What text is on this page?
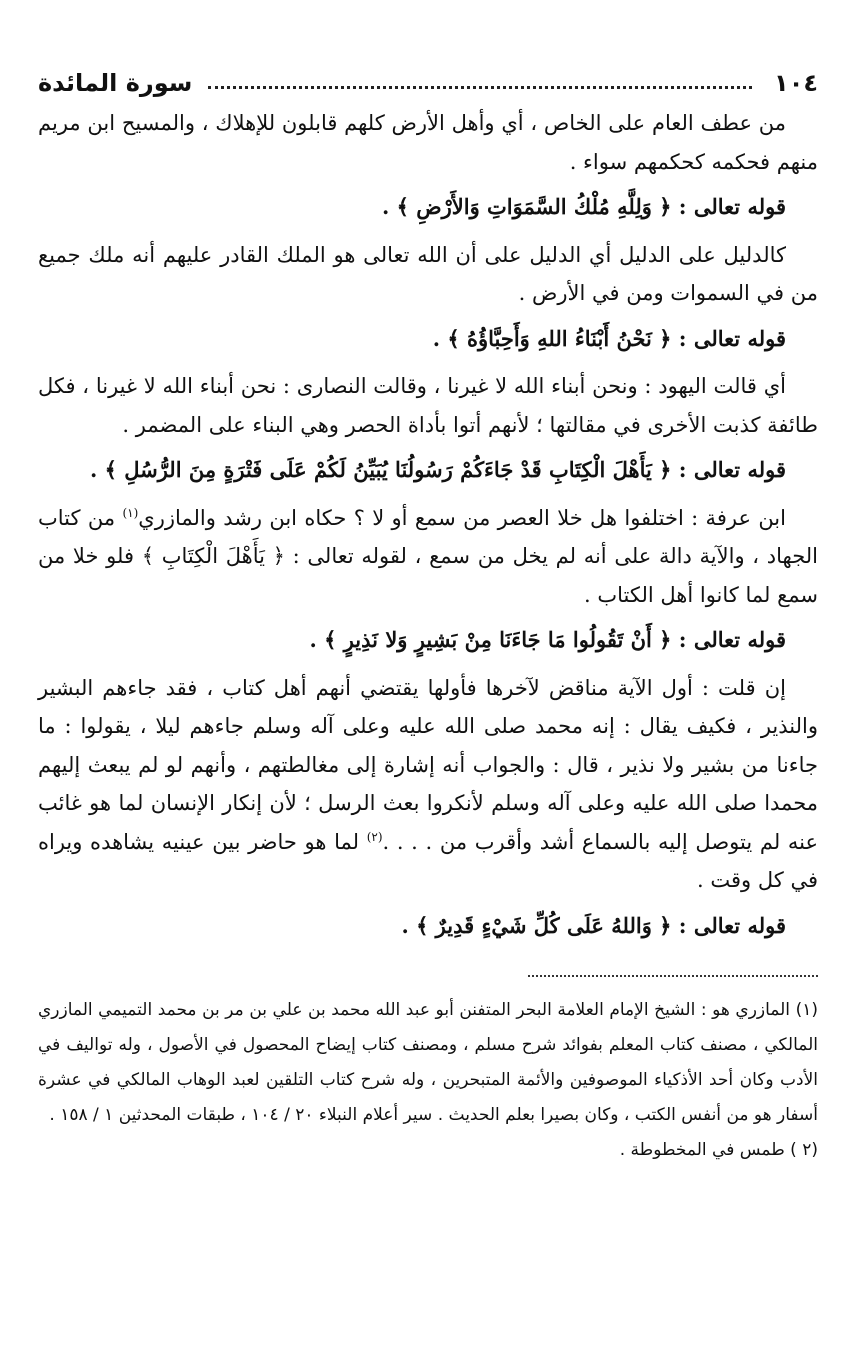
١٠٤
سورة المائدة

من عطف العام على الخاص ، أي وأهل الأرض كلهم قابلون للإهلاك ، والمسيح ابن مريم منهم فحكمه كحكمهم سواء .

قوله تعالى : ﴿ وَلِلَّهِ مُلْكُ السَّمَوَاتِ وَالأَرْضِ ﴾ .

كالدليل على الدليل أي الدليل على أن الله تعالى هو الملك القادر عليهم أنه ملك جميع من في السموات ومن في الأرض .

قوله تعالى : ﴿ نَحْنُ أَبْنَاءُ اللهِ وَأَحِبَّاؤُهُ ﴾ .

أي قالت اليهود : ونحن أبناء الله لا غيرنا ، وقالت النصارى : نحن أبناء الله لا غيرنا ، فكل طائفة كذبت الأخرى في مقالتها ؛ لأنهم أتوا بأداة الحصر وهي البناء على المضمر .

قوله تعالى : ﴿ يَأَهْلَ الْكِتَابِ قَدْ جَاءَكُمْ رَسُولُنَا يُبَيِّنُ لَكُمْ عَلَى فَتْرَةٍ مِنَ الرُّسُلِ ﴾ .

ابن عرفة : اختلفوا هل خلا العصر من سمع أو لا ؟ حكاه ابن رشد والمازري$^{(١)}$ من كتاب الجهاد ، والآية دالة على أنه لم يخل من سمع ، لقوله تعالى : ﴿ يَأَهْلَ الْكِتَابِ ﴾ فلو خلا من سمع لما كانوا أهل الكتاب .

قوله تعالى : ﴿ أَنْ تَقُولُوا مَا جَاءَنَا مِنْ بَشِيرٍ وَلا نَذِيرٍ ﴾ .

إن قلت : أول الآية مناقض لآخرها فأولها يقتضي أنهم أهل كتاب ، فقد جاءهم البشير والنذير ، فكيف يقال : إنه محمد صلى الله عليه وعلى آله وسلم جاءهم ليلا ، يقولوا : ما جاءنا من بشير ولا نذير ، قال : والجواب أنه إشارة إلى مغالطتهم ، وأنهم لو لم يبعث إليهم محمدا صلى الله عليه وعلى آله وسلم لأنكروا بعث الرسل ؛ لأن إنكار الإنسان لما هو غائب عنه لم يتوصل إليه بالسماع أشد وأقرب من . . . .$^{(٢)}$ لما هو حاضر بين عينيه يشاهده ويراه في كل وقت .

قوله تعالى : ﴿ وَاللهُ عَلَى كُلِّ شَيْءٍ قَدِيرٌ ﴾ .

(١) المازري هو : الشيخ الإمام العلامة البحر المتفنن أبو عبد الله محمد بن علي بن مر بن محمد التميمي المازري المالكي ، مصنف كتاب المعلم بفوائد شرح مسلم ، ومصنف كتاب إيضاح المحصول في الأصول ، وله تواليف في الأدب وكان أحد الأذكياء الموصوفين والأئمة المتبحرين ، وله شرح كتاب التلقين لعبد الوهاب المالكي في عشرة أسفار هو من أنفس الكتب ، وكان بصيرا بعلم الحديث . سير أعلام النبلاء ٢٠ / ١٠٤ ، طبقات المحدثين ١ / ١٥٨ .

(٢ ) طمس في المخطوطة .
